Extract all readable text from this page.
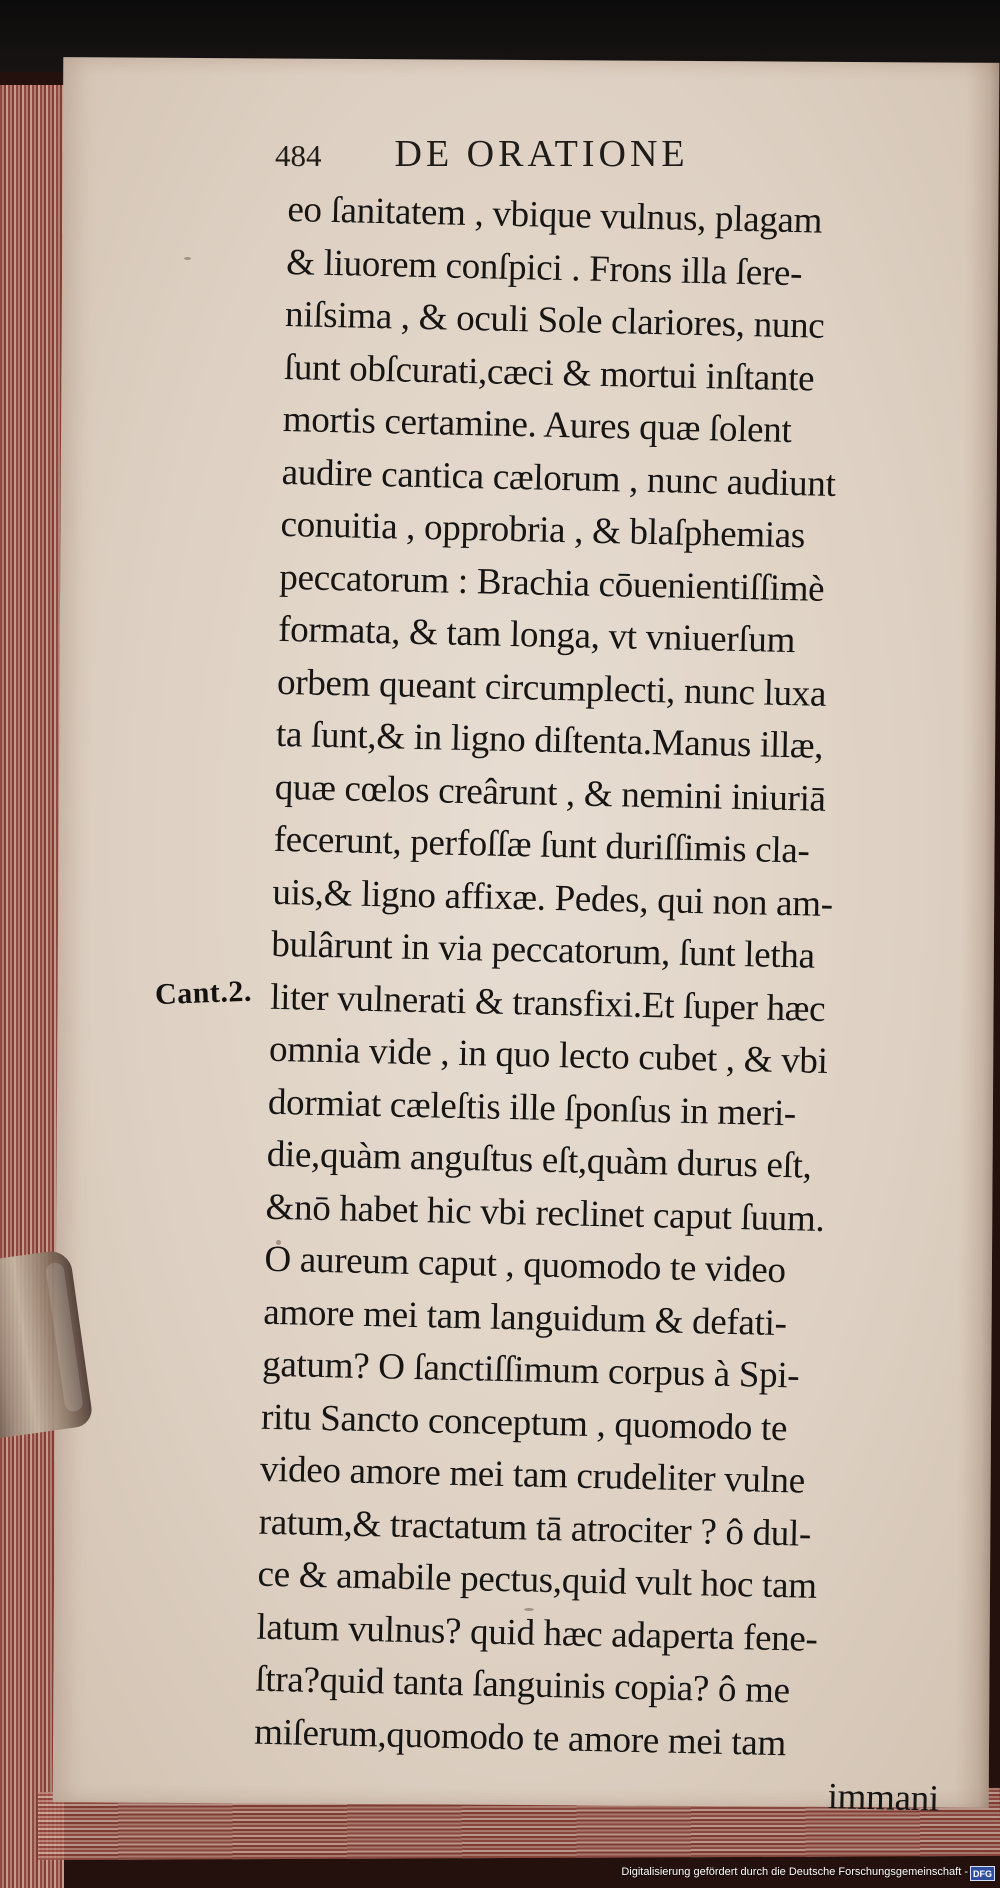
484 DE ORATIONE
Cant.2.
eo ſanitatem , vbique vulnus, plagam
& liuorem conſpici . Frons illa ſere-
niſsima , & oculi Sole clariores, nunc
ſunt obſcurati,cæci & mortui inſtante
mortis certamine. Aures quæ ſolent
audire cantica cælorum , nunc audiunt
conuitia , opprobria , & blaſphemias
peccatorum : Brachia cōuenientiſſimè
formata, & tam longa, vt vniuerſum
orbem queant circumplecti, nunc luxa
ta ſunt,& in ligno diſtenta.Manus illæ,
quæ cœlos creârunt , & nemini iniuriā
fecerunt, perfoſſæ ſunt duriſſimis cla-
uis,& ligno affixæ. Pedes, qui non am-
bulârunt in via peccatorum, ſunt letha
liter vulnerati & transfixi.Et ſuper hæc
omnia vide , in quo lecto cubet , & vbi
dormiat cæleſtis ille ſponſus in meri-
die,quàm anguſtus eſt,quàm durus eſt,
&nō habet hic vbi reclinet caput ſuum.
O aureum caput , quomodo te video
amore mei tam languidum & defati-
gatum? O ſanctiſſimum corpus à Spi-
ritu Sancto conceptum , quomodo te
video amore mei tam crudeliter vulne
ratum,& tractatum tā atrociter ? ô dul-
ce & amabile pectus,quid vult hoc tam
latum vulnus? quid hæc adaperta fene-
ſtra?quid tanta ſanguinis copia? ô me
miſerum,quomodo te amore mei tam
immani
Digitalisierung gefördert durch die Deutsche Forschungsgemeinschaft - DFG
